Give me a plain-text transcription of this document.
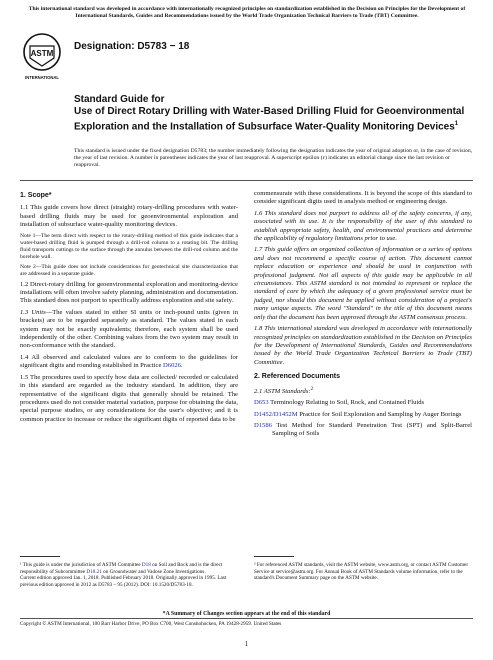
This international standard was developed in accordance with internationally recognized principles on standardization established in the Decision on Principles for the Development of International Standards, Guides and Recommendations issued by the World Trade Organization Technical Barriers to Trade (TBT) Committee.
ASTM
INTERNATIONAL
Designation: D5783 − 18
Standard Guide for
Use of Direct Rotary Drilling with Water-Based Drilling Fluid for Geoenvironmental Exploration and the Installation of Subsurface Water-Quality Monitoring Devices$^1$
This standard is issued under the fixed designation D5783; the number immediately following the designation indicates the year of original adoption or, in the case of revision, the year of last revision. A number in parentheses indicates the year of last reapproval. A superscript epsilon (ε) indicates an editorial change since the last revision or reapproval.
1. Scope*

1.1 This guide covers how direct (straight) rotary-drilling procedures with water-based drilling fluids may be used for geoenvironmental exploration and installation of subsurface water-quality monitoring devices.

Note 1—The term direct with respect to the rotary-drilling method of this guide indicates that a water-based drilling fluid is pumped through a drill-rod column to a rotating bit. The drilling fluid transports cuttings to the surface through the annulus between the drill-rod column and the borehole wall.

Note 2—This guide does not include considerations for geotechnical site characterization that are addressed in a separate guide.

1.2 Direct-rotary drilling for geoenvironmental exploration and monitoring-device installations will often involve safety planning, administration and documentation. This standard does not purport to specifically address exploration and site safety.

1.3 Units—The values stated in either SI units or inch-pound units (given in brackets) are to be regarded separately as standard. The values stated in each system may not be exactly equivalents; therefore, each system shall be used independently of the other. Combining values from the two system may result in non-conformance with the standard.

1.4 All observed and calculated values are to conform to the guidelines for significant digits and rounding established in Practice D6026.

1.5 The procedures used to specify how data are collected/ recorded or calculated in this standard are regarded as the industry standard. In addition, they are representative of the significant digits that generally should be retained. The procedures used do not consider material variation, purpose for obtaining the data, special purpose studies, or any considerations for the user's objective; and it is common practice to increase or reduce the significant digits of reported data to be

commensurate with these considerations. It is beyond the scope of this standard to consider significant digits used in analysis method or engineering design.

1.6 This standard does not purport to address all of the safety concerns, if any, associated with its use. It is the responsibility of the user of this standard to establish appropriate safety, health, and environmental practices and determine the applicability of regulatory limitations prior to use.

1.7 This guide offers an organized collection of information or a series of options and does not recommend a specific course of action. This document cannot replace education or experience and should be used in conjunction with professional judgment. Not all aspects of this guide may be applicable in all circumstances. This ASTM standard is not intended to represent or replace the standard of care by which the adequacy of a given professional service must be judged, nor should this document be applied without consideration of a project's many unique aspects. The word "Standard" in the title of this document means only that the document has been approved through the ASTM consensus process.

1.8 This international standard was developed in accordance with internationally recognized principles on standardization established in the Decision on Principles for the Development of International Standards, Guides and Recommendations issued by the World Trade Organization Technical Barriers to Trade (TBT) Committee.

2. Referenced Documents

2.1 ASTM Standards:$^2$

D653 Terminology Relating to Soil, Rock, and Contained Fluids

D1452/D1452M Practice for Soil Exploration and Sampling by Auger Borings

D1586 Test Method for Standard Penetration Test (SPT) and Split-Barrel Sampling of Soils

¹ This guide is under the jurisdiction of ASTM Committee D18 on Soil and Rock and is the direct responsibility of Subcommittee D18.21 on Groundwater and Vadose Zone Investigations.
Current edition approved Jan. 1, 2018. Published February 2018. Originally approved in 1995. Last previous edition approved in 2012 as D5783 – 95 (2012). DOI: 10.1520/D5783-18.
² For referenced ASTM standards, visit the ASTM website, www.astm.org, or contact ASTM Customer Service at service@astm.org. For Annual Book of ASTM Standards volume information, refer to the standard's Document Summary page on the ASTM website.
*A Summary of Changes section appears at the end of this standard
Copyright © ASTM International, 100 Barr Harbor Drive, PO Box C700, West Conshohocken, PA 19428-2959. United States
1
